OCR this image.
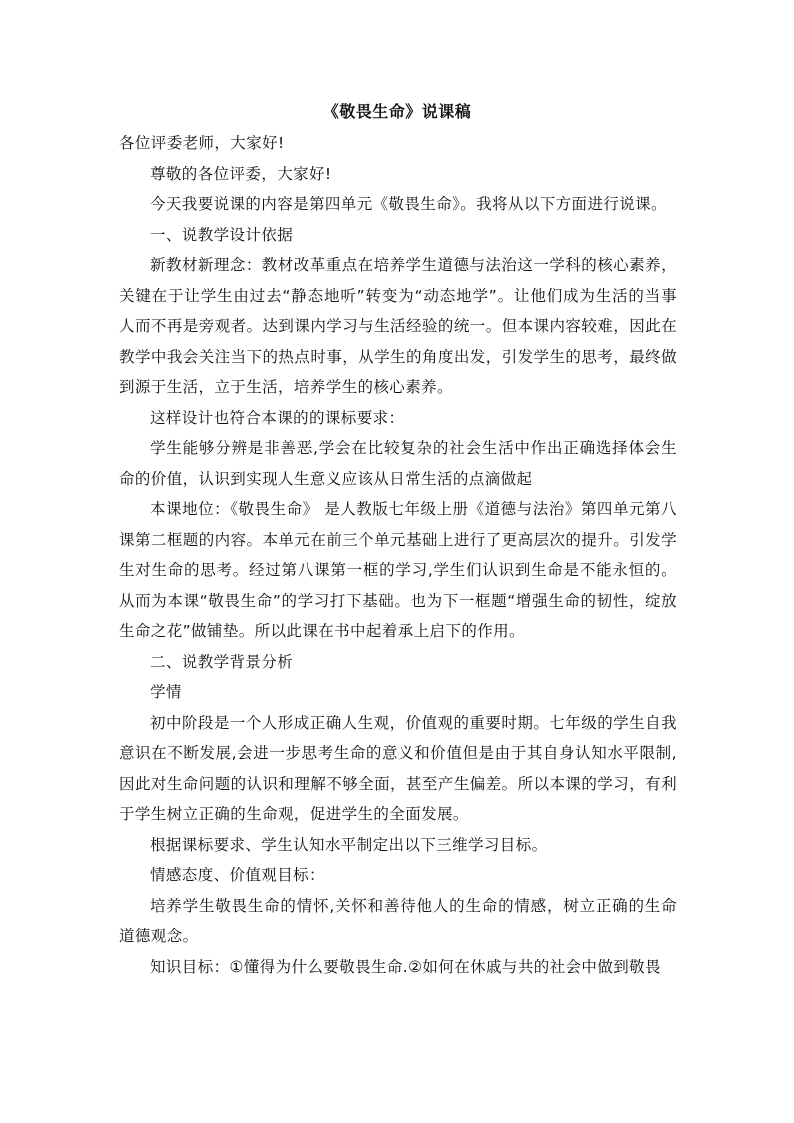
《敬畏生命》说课稿

各位评委老师，大家好!

尊敬的各位评委，大家好!

今天我要说课的内容是第四单元《敬畏生命》。我将从以下方面进行说课。

一、说教学设计依据

新教材新理念：教材改革重点在培养学生道德与法治这一学科的核心素养，关键在于让学生由过去“静态地听”转变为“动态地学”。让他们成为生活的当事人而不再是旁观者。达到课内学习与生活经验的统一。但本课内容较难，因此在教学中我会关注当下的热点时事，从学生的角度出发，引发学生的思考，最终做到源于生活，立于生活，培养学生的核心素养。

这样设计也符合本课的的课标要求：

学生能够分辨是非善恶,学会在比较复杂的社会生活中作出正确选择体会生命的价值，认识到实现人生意义应该从日常生活的点滴做起

本课地位：《敬畏生命》 是人教版七年级上册《道德与法治》第四单元第八课第二框题的内容。本单元在前三个单元基础上进行了更高层次的提升。引发学生对生命的思考。经过第八课第一框的学习,学生们认识到生命是不能永恒的。从而为本课“敬畏生命”的学习打下基础。也为下一框题“增强生命的韧性，绽放生命之花”做铺垫。所以此课在书中起着承上启下的作用。

二、说教学背景分析

学情

初中阶段是一个人形成正确人生观，价值观的重要时期。七年级的学生自我意识在不断发展,会进一步思考生命的意义和价值但是由于其自身认知水平限制,因此对生命问题的认识和理解不够全面，甚至产生偏差。所以本课的学习，有利于学生树立正确的生命观，促进学生的全面发展。

根据课标要求、学生认知水平制定出以下三维学习目标。

情感态度、价值观目标：

培养学生敬畏生命的情怀,关怀和善待他人的生命的情感，树立正确的生命道德观念。

知识目标：①懂得为什么要敬畏生命.②如何在休戚与共的社会中做到敬畏
